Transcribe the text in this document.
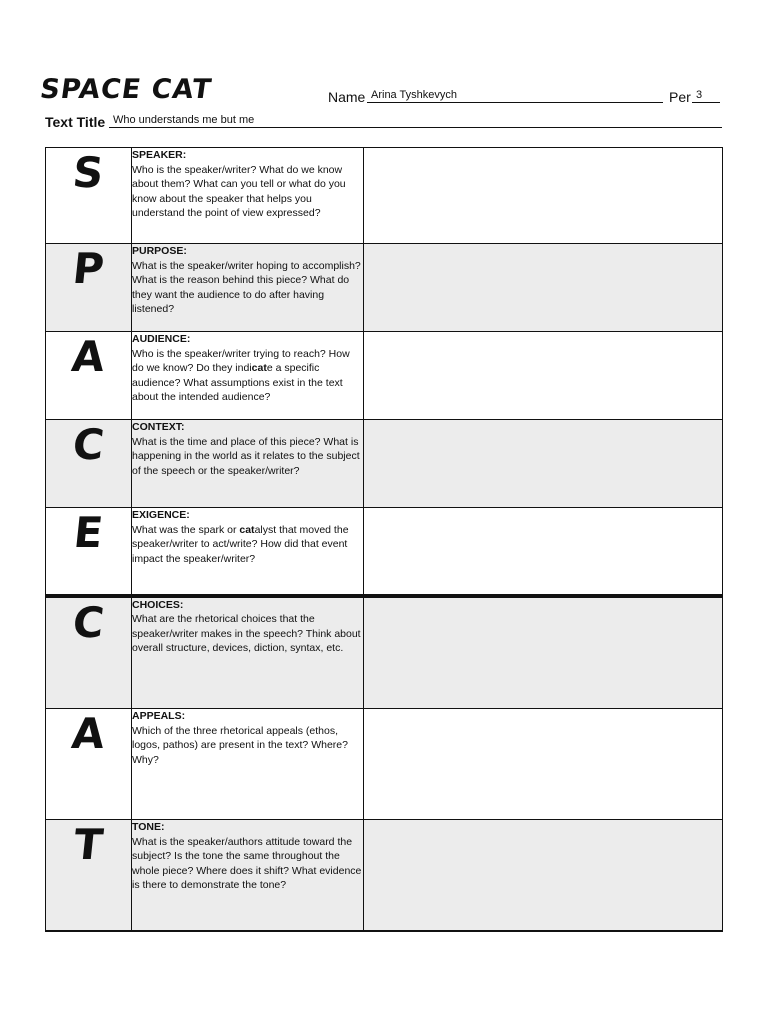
SPACE CAT	Name Arina Tyshkevych	Per 3
Text Title Who understands me but me
S	SPEAKER:
Who is the speaker/writer? What do we know about them? What can you tell or what do you know about the speaker that helps you understand the point of view expressed?	
P	PURPOSE:
What is the speaker/writer hoping to accomplish? What is the reason behind this piece? What do they want the audience to do after having listened?	
A	AUDIENCE:
Who is the speaker/writer trying to reach? How do we know? Do they indicate a specific audience? What assumptions exist in the text about the intended audience?	
C	CONTEXT:
What is the time and place of this piece? What is happening in the world as it relates to the subject of the speech or the speaker/writer?	
E	EXIGENCE:
What was the spark or catalyst that moved the speaker/writer to act/write? How did that event impact the speaker/writer?	
C	CHOICES:
What are the rhetorical choices that the speaker/writer makes in the speech? Think about overall structure, devices, diction, syntax, etc.	
A	APPEALS:
Which of the three rhetorical appeals (ethos, logos, pathos) are present in the text? Where? Why?	
T	TONE:
What is the speaker/authors attitude toward the subject? Is the tone the same throughout the whole piece? Where does it shift? What evidence is there to demonstrate the tone?	
